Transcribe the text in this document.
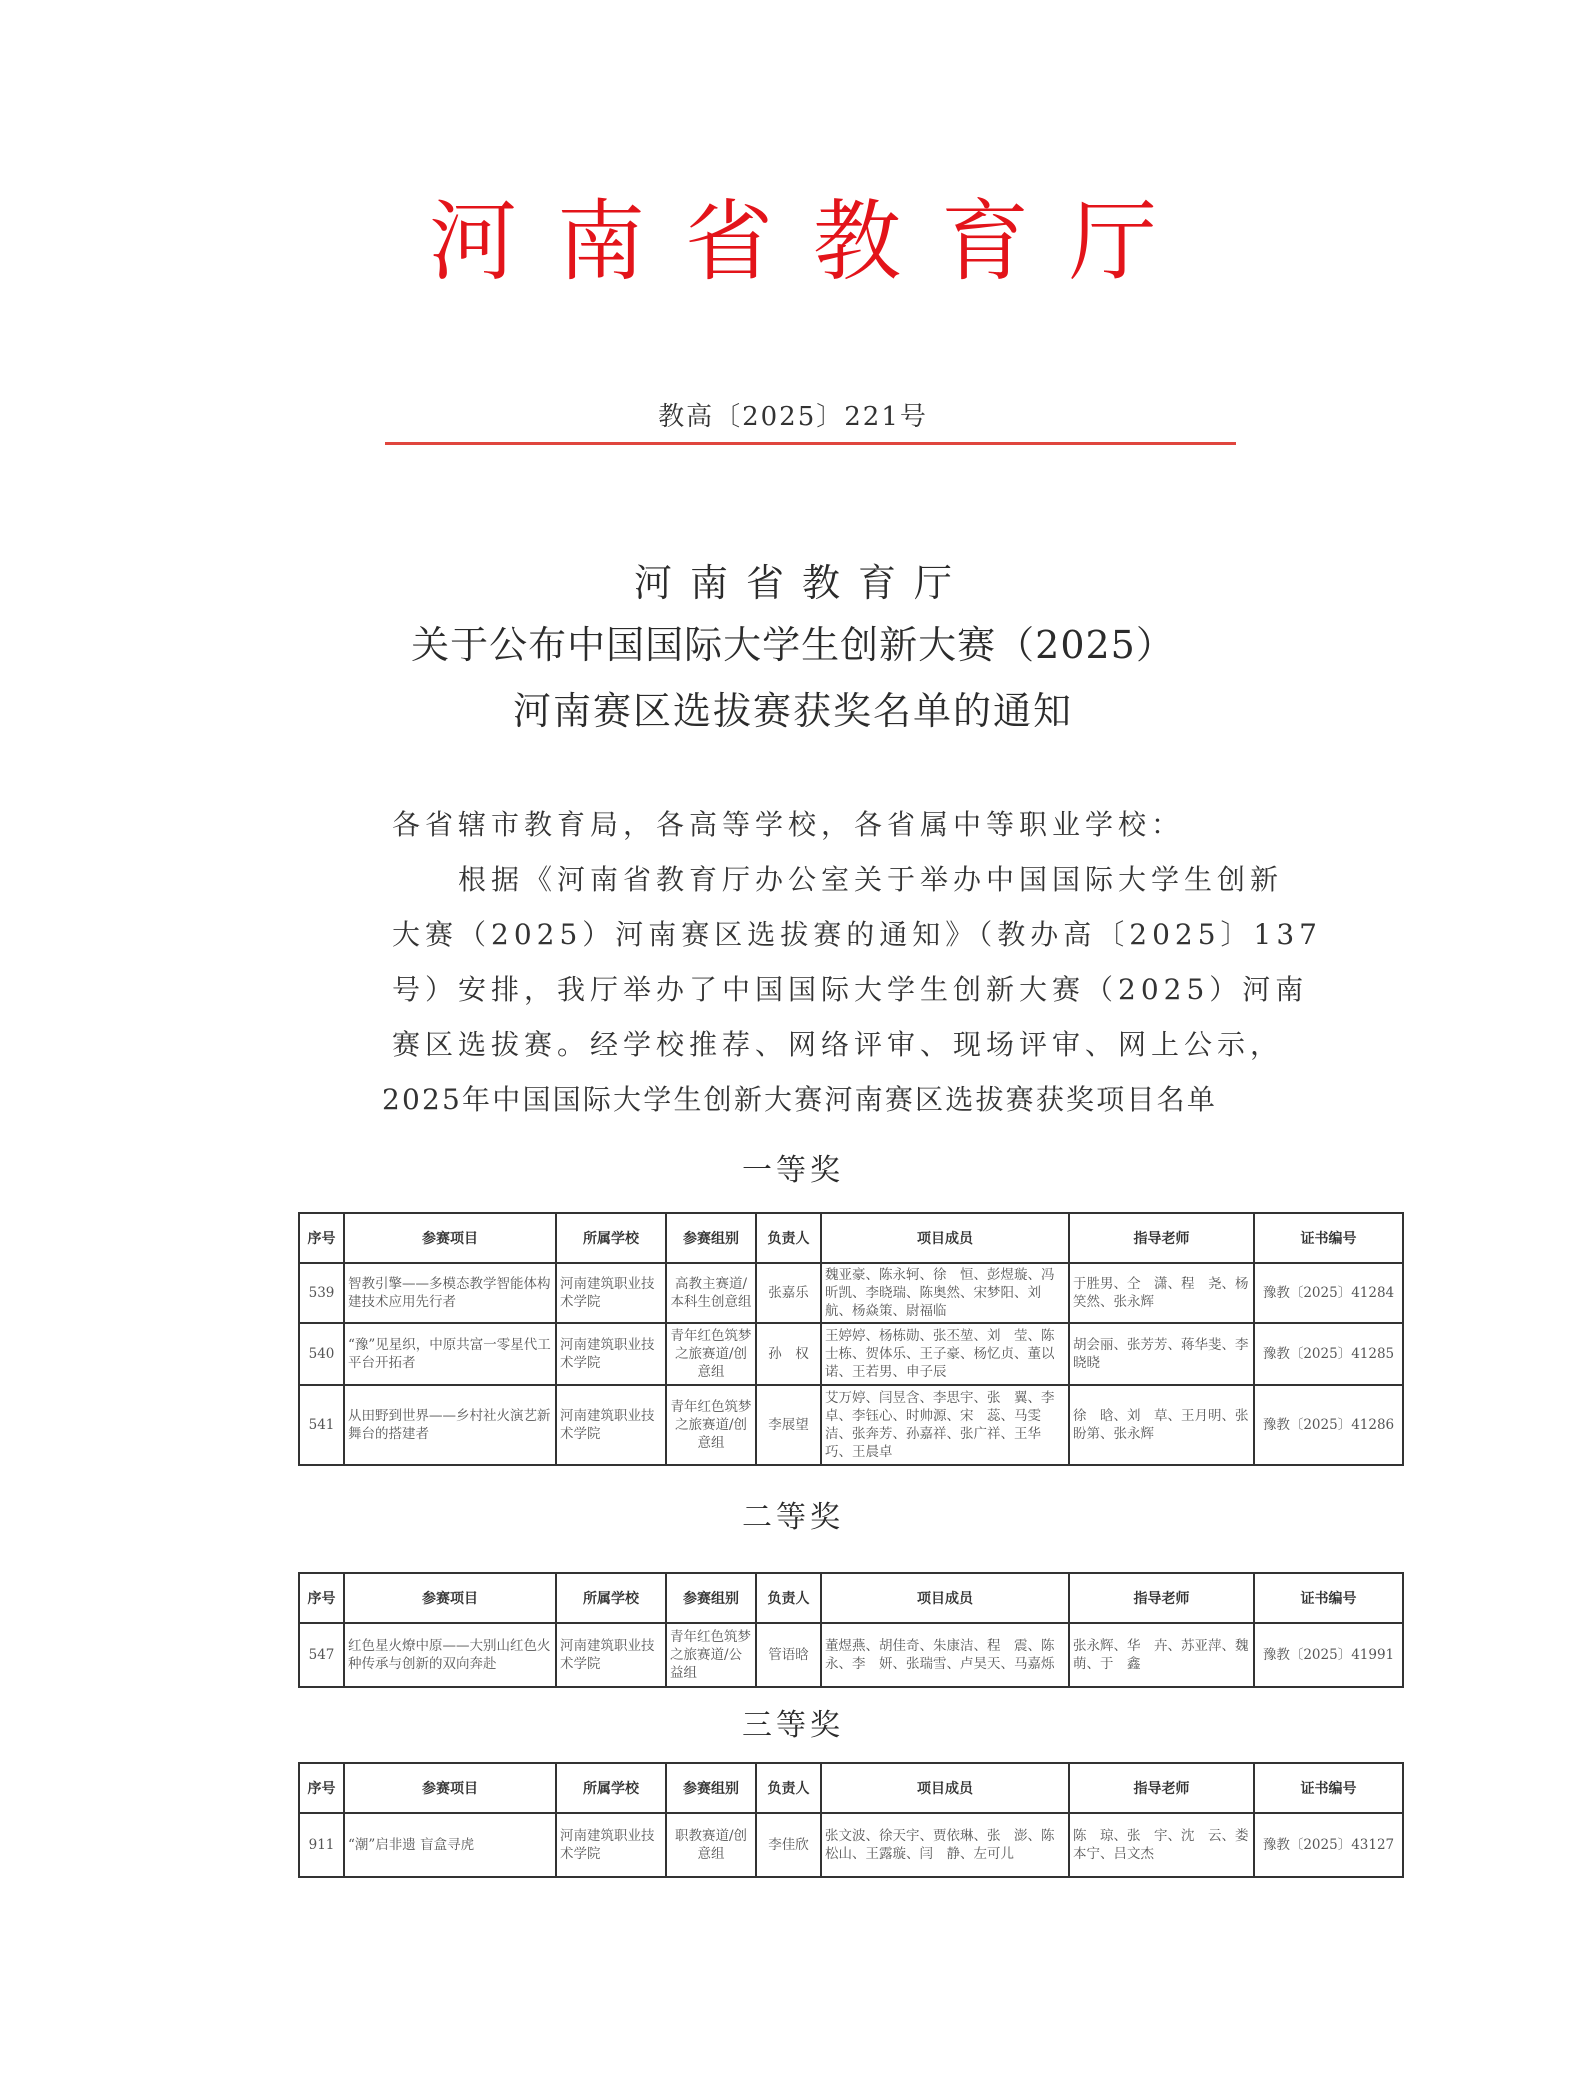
河南省教育厅
教高〔2025〕221号
河南省教育厅
关于公布中国国际大学生创新大赛（2025）
河南赛区选拔赛获奖名单的通知
各省辖市教育局，各高等学校，各省属中等职业学校：
　　根据《河南省教育厅办公室关于举办中国国际大学生创新
大赛（2025）河南赛区选拔赛的通知》（教办高〔2025〕137
号）安排，我厅举办了中国国际大学生创新大赛（2025）河南
赛区选拔赛。经学校推荐、网络评审、现场评审、网上公示，
2025年中国国际大学生创新大赛河南赛区选拔赛获奖项目名单
一等奖
序号	参赛项目	所属学校	参赛组别	负责人	项目成员	指导老师	证书编号
539	智教引擎——多模态教学智能体构建技术应用先行者	河南建筑职业技术学院	高教主赛道/本科生创意组	张嘉乐	魏亚豪、陈永轲、徐　恒、彭煜璇、冯昕凯、李晓瑞、陈奥然、宋梦阳、刘　航、杨焱策、尉福临	于胜男、仝　潇、程　尧、杨笑然、张永辉	豫教〔2025〕41284
540	“豫”见星织，中原共富一零星代工平台开拓者	河南建筑职业技术学院	青年红色筑梦之旅赛道/创意组	孙　权	王婷婷、杨栋勋、张丕堃、刘　莹、陈士栋、贺体乐、王子豪、杨忆贞、董以诺、王若男、申子辰	胡会丽、张芳芳、蒋华斐、李晓晓	豫教〔2025〕41285
541	从田野到世界——乡村社火演艺新舞台的搭建者	河南建筑职业技术学院	青年红色筑梦之旅赛道/创意组	李展望	艾万婷、闫昱含、李思宇、张　翼、李　卓、李钰心、时帅源、宋　蕊、马雯洁、张奔芳、孙嘉祥、张广祥、王华巧、王晨卓	徐　晗、刘　草、王月明、张盼第、张永辉	豫教〔2025〕41286
二等奖
序号	参赛项目	所属学校	参赛组别	负责人	项目成员	指导老师	证书编号
547	红色星火燎中原——大别山红色火种传承与创新的双向奔赴	河南建筑职业技术学院	青年红色筑梦之旅赛道/公益组	管语晗	董煜燕、胡佳奇、朱康洁、程　震、陈　永、李　妍、张瑞雪、卢昊天、马嘉烁	张永辉、华　卉、苏亚萍、魏　萌、于　鑫	豫教〔2025〕41991
三等奖
序号	参赛项目	所属学校	参赛组别	负责人	项目成员	指导老师	证书编号
911	“潮”启非遗 盲盒寻虎	河南建筑职业技术学院	职教赛道/创意组	李佳欣	张文波、徐天宇、贾依琳、张　澎、陈松山、王露璇、闫　静、左可儿	陈　琼、张　宇、沈　云、娄本宁、吕文杰	豫教〔2025〕43127
